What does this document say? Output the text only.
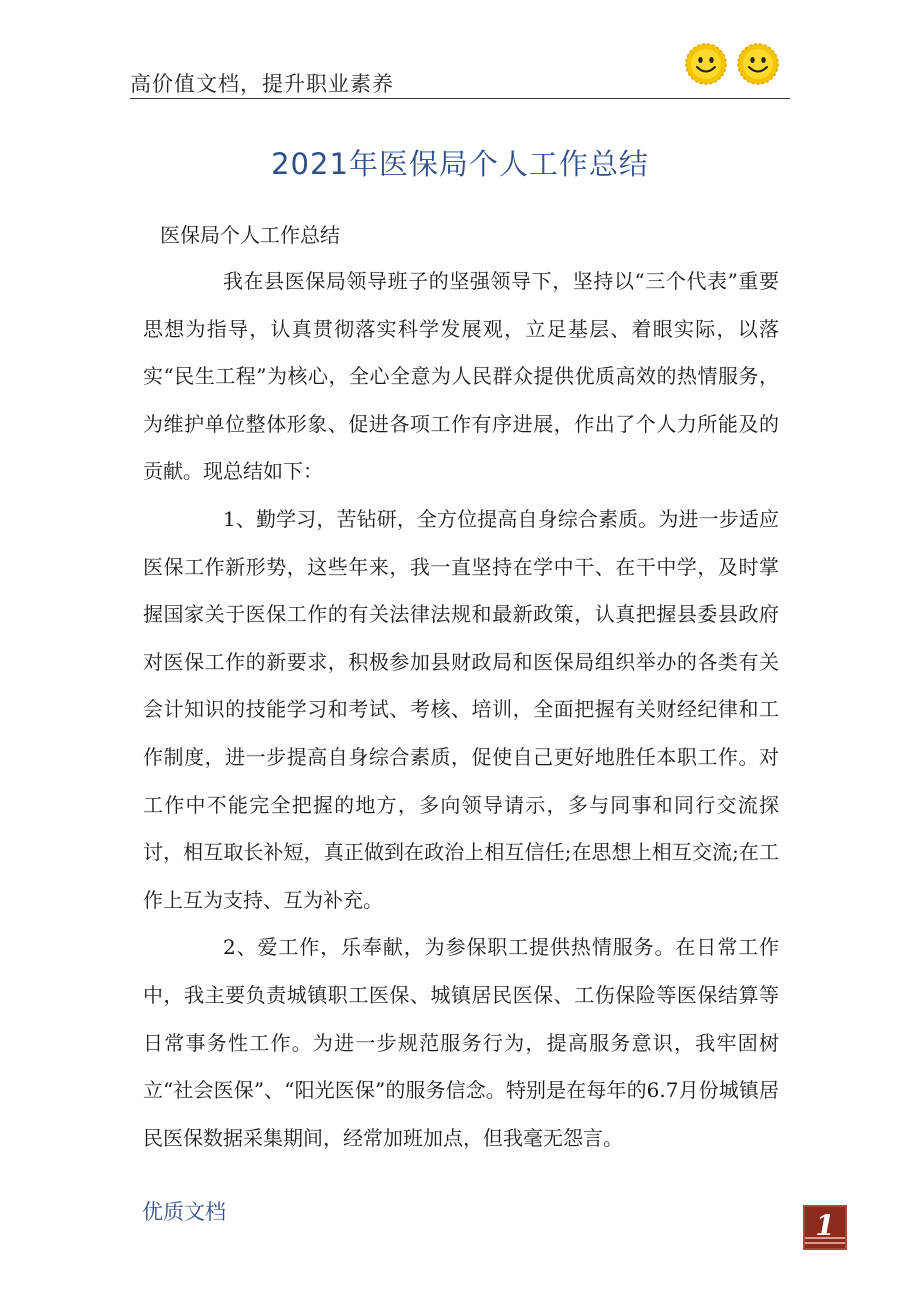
高价值文档，提升职业素养
2021年医保局个人工作总结
医保局个人工作总结

我在县医保局领导班子的坚强领导下，坚持以“三个代表”重要思想为指导，认真贯彻落实科学发展观，立足基层、着眼实际，以落实“民生工程”为核心，全心全意为人民群众提供优质高效的热情服务，为维护单位整体形象、促进各项工作有序进展，作出了个人力所能及的贡献。现总结如下：

1、勤学习，苦钻研，全方位提高自身综合素质。为进一步适应医保工作新形势，这些年来，我一直坚持在学中干、在干中学，及时掌握国家关于医保工作的有关法律法规和最新政策，认真把握县委县政府对医保工作的新要求，积极参加县财政局和医保局组织举办的各类有关会计知识的技能学习和考试、考核、培训，全面把握有关财经纪律和工作制度，进一步提高自身综合素质，促使自己更好地胜任本职工作。对工作中不能完全把握的地方，多向领导请示，多与同事和同行交流探讨，相互取长补短，真正做到在政治上相互信任;在思想上相互交流;在工作上互为支持、互为补充。

2、爱工作，乐奉献，为参保职工提供热情服务。在日常工作中，我主要负责城镇职工医保、城镇居民医保、工伤保险等医保结算等日常事务性工作。为进一步规范服务行为，提高服务意识，我牢固树立“社会医保”、“阳光医保”的服务信念。特别是在每年的6.7月份城镇居民医保数据采集期间，经常加班加点，但我毫无怨言。

优质文档	1
